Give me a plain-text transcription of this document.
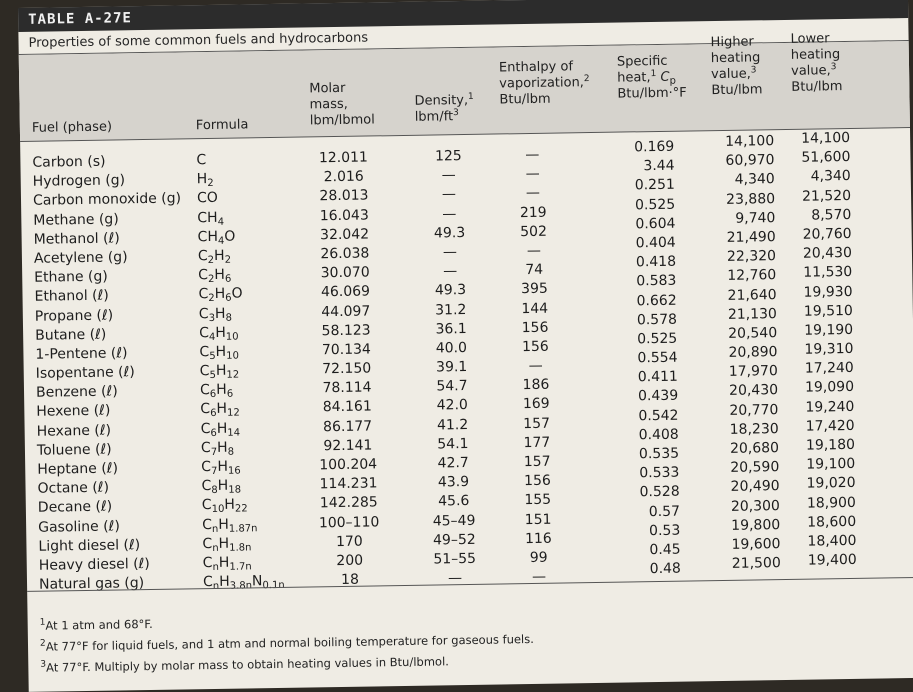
TABLE A-27E
Properties of some common fuels and hydrocarbons
Fuel (phase)	Formula
Molar
mass,
lbm/lbmol
Density,$^1$
lbm/$ft^3$
Enthalpy of
vaporization,$^2$
Btu/lbm
Specific
heat,$^1$ $C_p$
Btu/lbm·°F
Higher
heating
value,$^3$
Btu/lbm
Lower
heating
value,$^3$
Btu/lbm
Carbon (s)
Hydrogen (g)
Carbon monoxide (g)
Methane (g)
Methanol (ℓ)
Acetylene (g)
Ethane (g)
Ethanol (ℓ)
Propane (ℓ)
Butane (ℓ)
1-Pentene (ℓ)
Isopentane (ℓ)
Benzene (ℓ)
Hexene (ℓ)
Hexane (ℓ)
Toluene (ℓ)
Heptane (ℓ)
Octane (ℓ)
Decane (ℓ)
Gasoline (ℓ)
Light diesel (ℓ)
Heavy diesel (ℓ)
Natural gas (g)
C
$H_2$
CO
$CH_4$
$CH_4O$
$C_2H_2$
$C_2H_6$
$C_2H_6O$
$C_3H_8$
$C_4H_{10}$
$C_5H_{10}$
$C_5H_{12}$
$C_6H_6$
$C_6H_{12}$
$C_6H_{14}$
$C_7H_8$
$C_7H_{16}$
$C_8H_{18}$
$C_{10}H_{22}$
$C_nH_{1.87n}$
$C_nH_{1.8n}$
$C_nH_{1.7n}$
$C_nH_{3.8n}N_{0.1n}$
12.011
2.016
28.013
16.043
32.042
26.038
30.070
46.069
44.097
58.123
70.134
72.150
78.114
84.161
86.177
92.141
100.204
114.231
142.285
100–110
170
200
18
125
—
—
—
49.3
—
—
49.3
31.2
36.1
40.0
39.1
54.7
42.0
41.2
54.1
42.7
43.9
45.6
45–49
49–52
51–55
—
—
—
—
219
502
—
74
395
144
156
156
—
186
169
157
177
157
156
155
151
116
99
—
0.169
3.44
0.251
0.525
0.604
0.404
0.418
0.583
0.662
0.578
0.525
0.554
0.411
0.439
0.542
0.408
0.535
0.533
0.528
0.57
0.53
0.45
0.48
14,100
60,970
4,340
23,880
9,740
21,490
22,320
12,760
21,640
21,130
20,540
20,890
17,970
20,430
20,770
18,230
20,680
20,590
20,490
20,300
19,800
19,600
21,500
14,100
51,600
4,340
21,520
8,570
20,760
20,430
11,530
19,930
19,510
19,190
19,310
17,240
19,090
19,240
17,420
19,180
19,100
19,020
18,900
18,600
18,400
19,400
$^1$At 1 atm and 68°F.
$^2$At 77°F for liquid fuels, and 1 atm and normal boiling temperature for gaseous fuels.
$^3$At 77°F. Multiply by molar mass to obtain heating values in Btu/lbmol.
